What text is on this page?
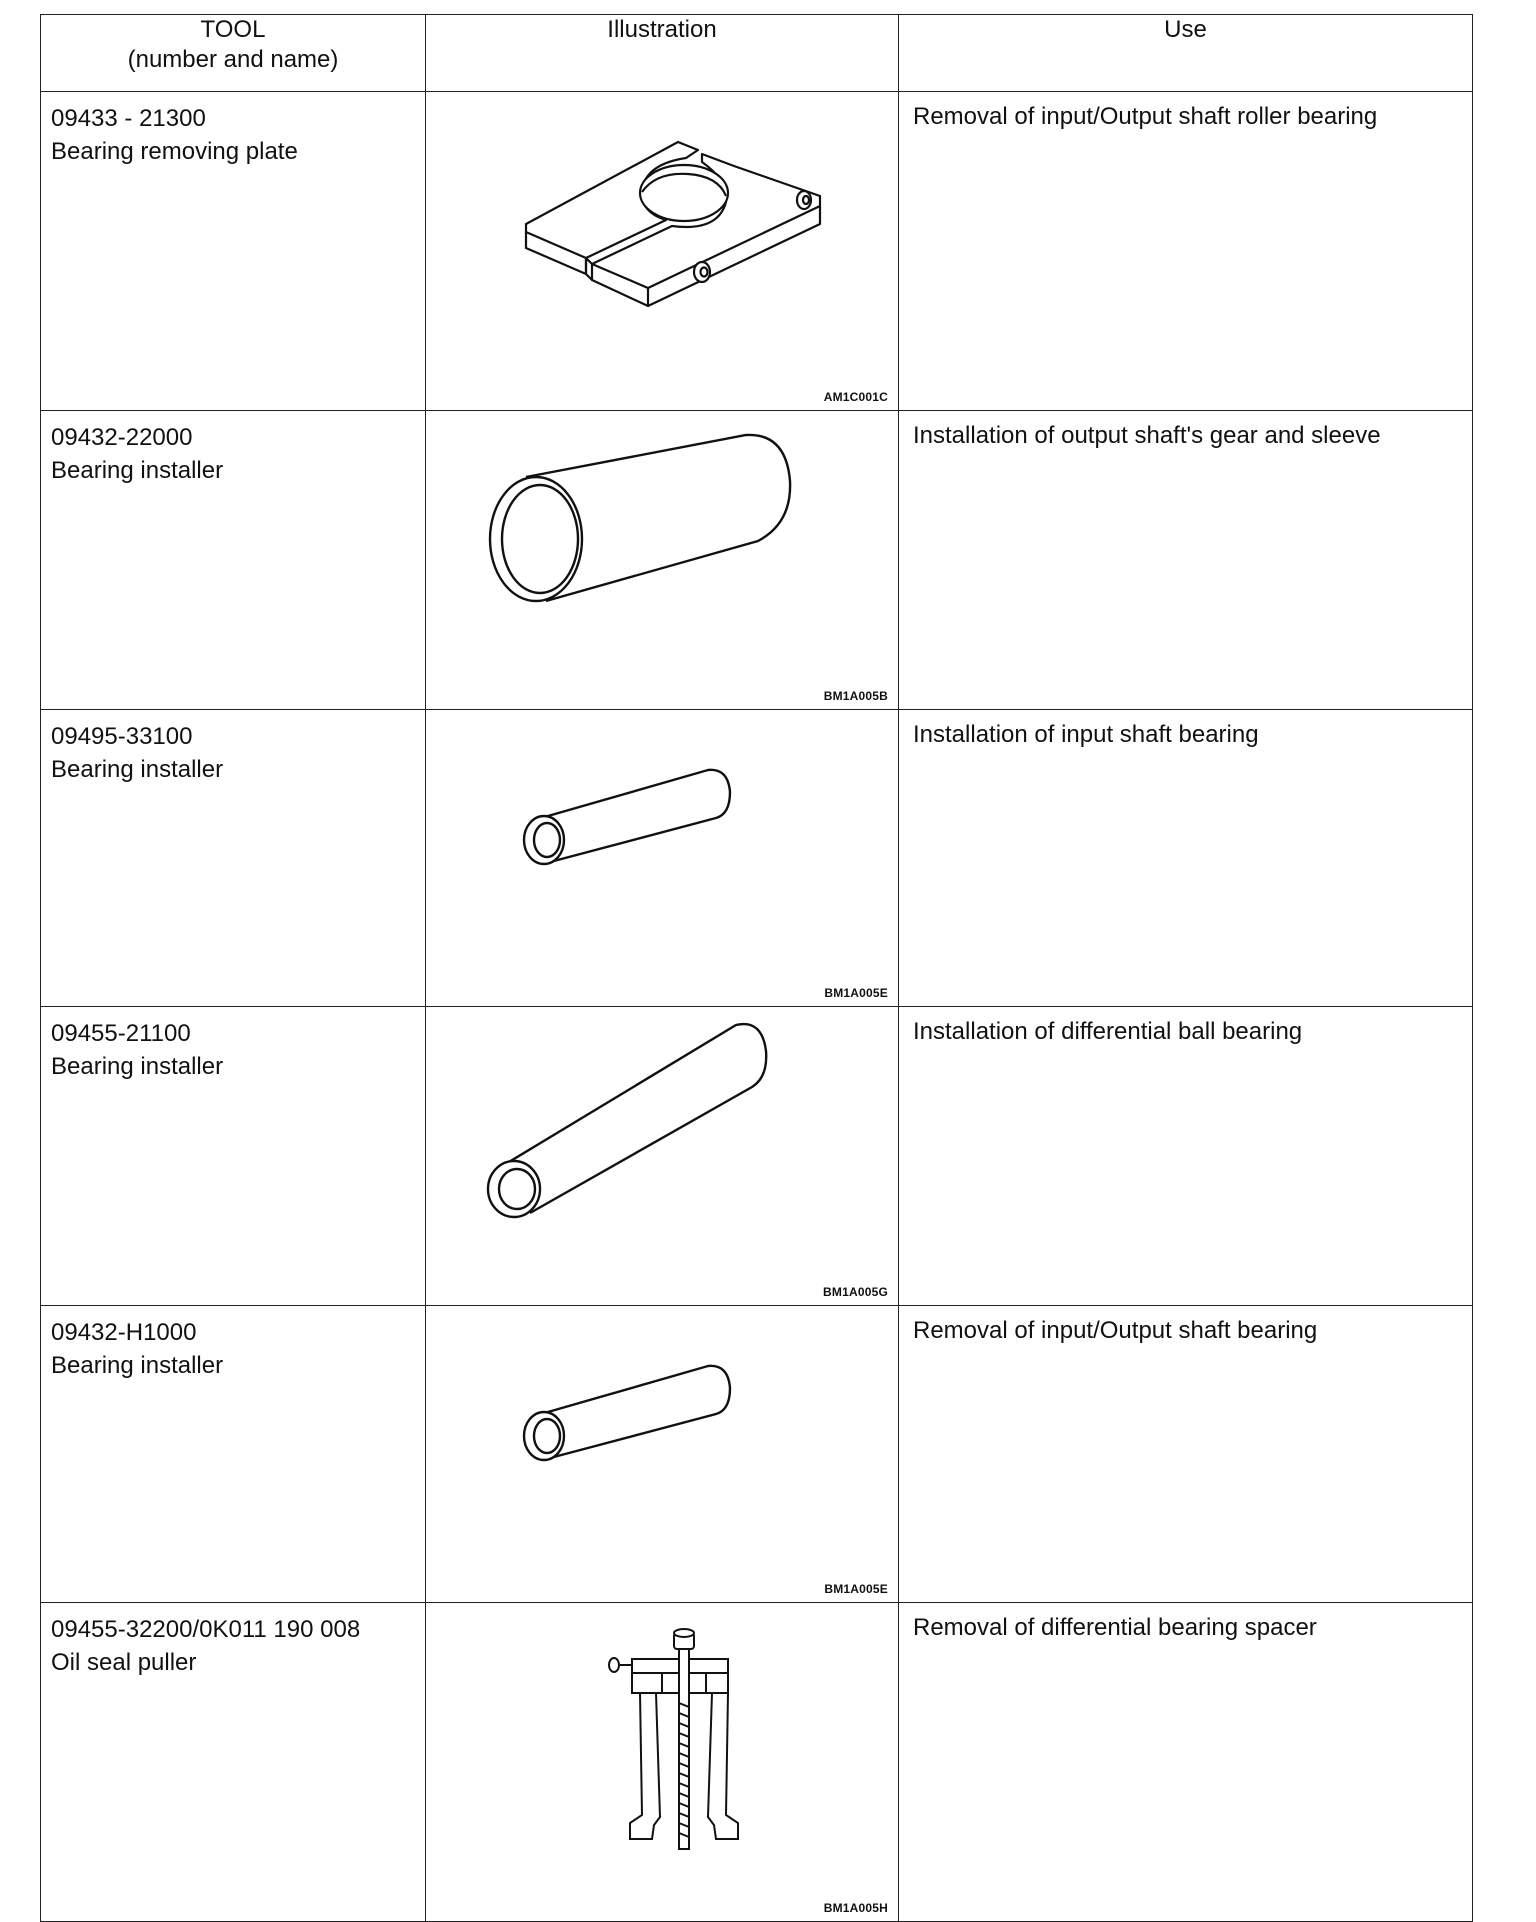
TOOL
(number and name)	Illustration	Use

09433 - 21300
Bearing removing plate	AM1C001C	Removal of input/Output shaft roller bearing

09432-22000
Bearing installer	BM1A005B	Installation of output shaft's gear and sleeve

09495-33100
Bearing installer	BM1A005E	Installation of input shaft bearing

09455-21100
Bearing installer	BM1A005G	Installation of differential ball bearing

09432-H1000
Bearing installer	BM1A005E	Removal of input/Output shaft bearing

09455-32200/0K011 190 008
Oil seal puller	BM1A005H	Removal of differential bearing spacer
